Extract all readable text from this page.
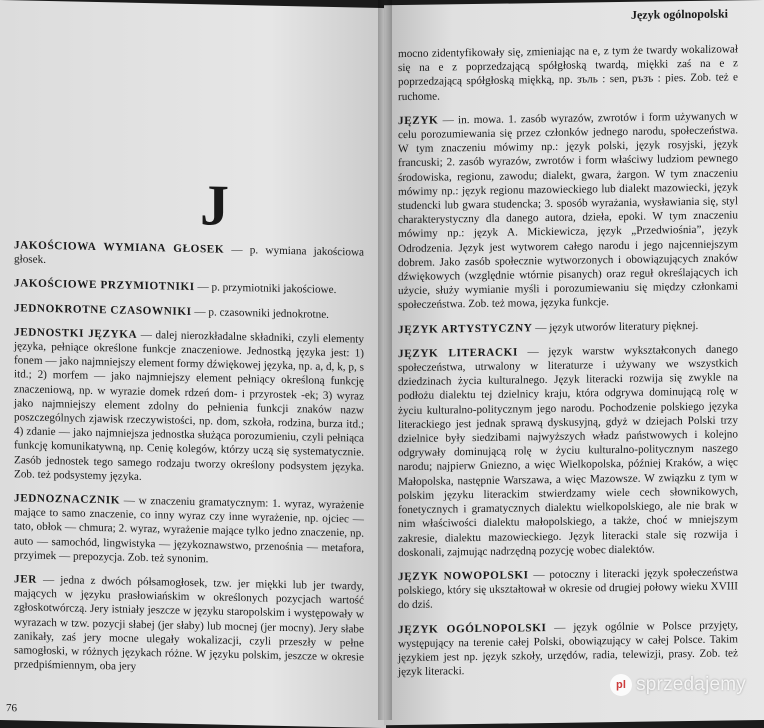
J

JAKOŚCIOWA WYMIANA GŁOSEK — p. wymiana jakościowa głosek.

JAKOŚCIOWE PRZYMIOTNIKI — p. przymiotniki jakościowe.

JEDNOKROTNE CZASOWNIKI — p. czasowniki jednokrotne.

JEDNOSTKI JĘZYKA — dalej nierozkładalne składniki, czyli elementy języka, pełniące określone funkcje znaczeniowe. Jednostką języka jest: 1) fonem — jako najmniejszy element formy dźwiękowej języka, np. a, d, k, p, s itd.; 2) morfem — jako najmniejszy element pełniący określoną funkcję znaczeniową, np. w wyrazie domek rdzeń dom- i przyrostek -ek; 3) wyraz jako najmniejszy element zdolny do pełnienia funkcji znaków nazw poszczególnych zjawisk rzeczywistości, np. dom, szkoła, rodzina, burza itd.; 4) zdanie — jako najmniejsza jednostka służąca porozumieniu, czyli pełniąca funkcję komunikatywną, np. Cenię kolegów, którzy uczą się systematycznie. Zasób jednostek tego samego rodzaju tworzy określony podsystem języka. Zob. też podsystemy języka.

JEDNOZNACZNIK — w znaczeniu gramatycznym: 1. wyraz, wyrażenie mające to samo znaczenie, co inny wyraz czy inne wyrażenie, np. ojciec — tato, obłok — chmura; 2. wyraz, wyrażenie mające tylko jedno znaczenie, np. auto — samochód, lingwistyka — językoznawstwo, przenośnia — metafora, przyimek — prepozycja. Zob. też synonim.

JER — jedna z dwóch półsamogłosek, tzw. jer miękki lub jer twardy, mających w języku prasłowiańskim w określonych pozycjach wartość zgłoskotwórczą. Jery istniały jeszcze w języku staropolskim i występowały w wyrazach w tzw. pozycji słabej (jer słaby) lub mocnej (jer mocny). Jery słabe zanikały, zaś jery mocne ulegały wokalizacji, czyli przeszły w pełne samogłoski, w różnych językach różne. W języku polskim, jeszcze w okresie przedpiśmiennym, oba jery

76
Język ogólnopolski

mocno zidentyfikowały się, zmieniając na e, z tym że twardy wokalizował się na e z poprzedzającą spółgłoską twardą, miękki zaś na e z poprzedzającą spółgłoską miękką, np. зъль : sen, ръзъ : pies. Zob. też e ruchome.

JĘZYK — in. mowa. 1. zasób wyrazów, zwrotów i form używanych w celu porozumiewania się przez członków jednego narodu, społeczeństwa. W tym znaczeniu mówimy np.: język polski, język rosyjski, język francuski; 2. zasób wyrazów, zwrotów i form właściwy ludziom pewnego środowiska, regionu, zawodu; dialekt, gwara, żargon. W tym znaczeniu mówimy np.: język regionu mazowieckiego lub dialekt mazowiecki, język studencki lub gwara studencka; 3. sposób wyrażania, wysławiania się, styl charakterystyczny dla danego autora, dzieła, epoki. W tym znaczeniu mówimy np.: język A. Mickiewicza, język „Przedwiośnia”, język Odrodzenia. Język jest wytworem całego narodu i jego najcenniejszym dobrem. Jako zasób społecznie wytworzonych i obowiązujących znaków dźwiękowych (względnie wtórnie pisanych) oraz reguł określających ich użycie, służy wymianie myśli i porozumiewaniu się między członkami społeczeństwa. Zob. też mowa, języka funkcje.

JĘZYK ARTYSTYCZNY — język utworów literatury pięknej.

JĘZYK LITERACKI — język warstw wykształconych danego społeczeństwa, utrwalony w literaturze i używany we wszystkich dziedzinach życia kulturalnego. Język literacki rozwija się zwykle na podłożu dialektu tej dzielnicy kraju, która odgrywa dominującą rolę w życiu kulturalno-politycznym jego narodu. Pochodzenie polskiego języka literackiego jest jednak sprawą dyskusyjną, gdyż w dziejach Polski trzy dzielnice były siedzibami najwyższych władz państwowych i kolejno odgrywały dominującą rolę w życiu kulturalno-politycznym naszego narodu; najpierw Gniezno, a więc Wielkopolska, później Kraków, a więc Małopolska, następnie Warszawa, a więc Mazowsze. W związku z tym w polskim języku literackim stwierdzamy wiele cech słownikowych, fonetycznych i gramatycznych dialektu wielkopolskiego, ale nie brak w nim właściwości dialektu małopolskiego, a także, choć w mniejszym zakresie, dialektu mazowieckiego. Język literacki stale się rozwija i doskonali, zajmując nadrzędną pozycję wobec dialektów.

JĘZYK NOWOPOLSKI — potoczny i literacki język społeczeństwa polskiego, który się ukształtował w okresie od drugiej połowy wieku XVIII do dziś.

JĘZYK OGÓLNOPOLSKI — język ogólnie w Polsce przyjęty, występujący na terenie całej Polski, obowiązujący w całej Polsce. Takim językiem jest np. język szkoły, urzędów, radia, telewizji, prasy. Zob. też język literacki.

pl sprzedajemy
